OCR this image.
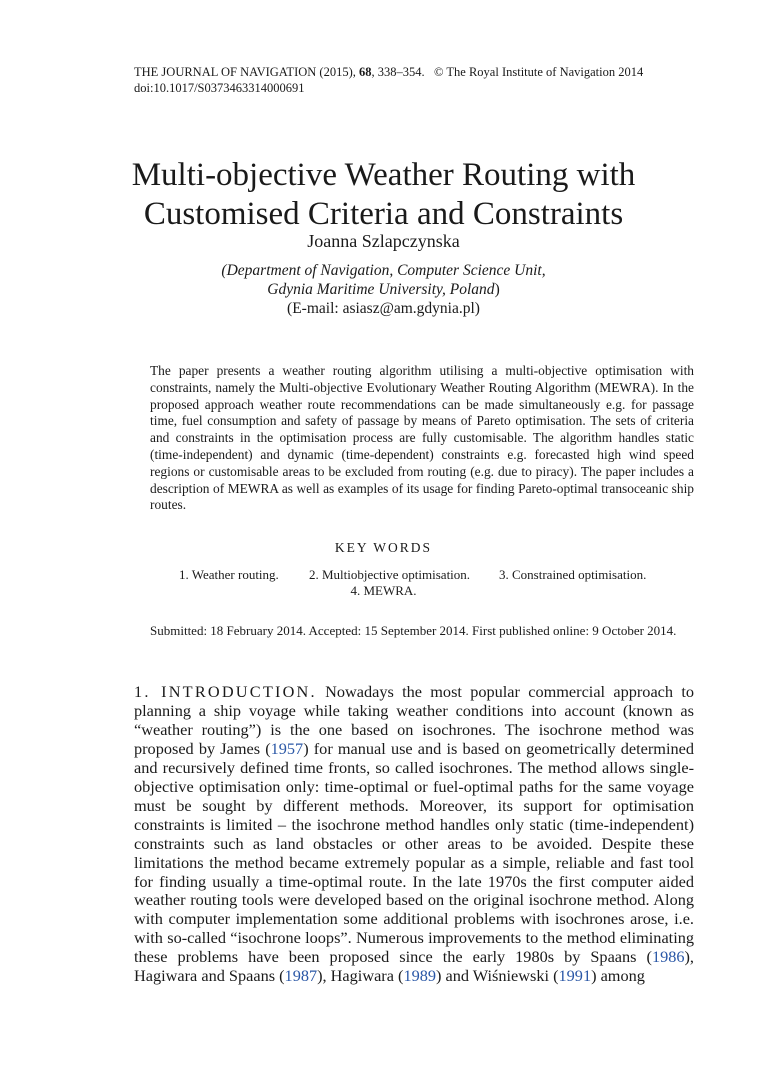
THE JOURNAL OF NAVIGATION (2015), 68, 338–354. © The Royal Institute of Navigation 2014
doi:10.1017/S0373463314000691
Multi-objective Weather Routing with Customised Criteria and Constraints
Joanna Szlapczynska
(Department of Navigation, Computer Science Unit,
Gdynia Maritime University, Poland)
(E-mail: asiasz@am.gdynia.pl)

The paper presents a weather routing algorithm utilising a multi-objective optimisation with constraints, namely the Multi-objective Evolutionary Weather Routing Algorithm (MEWRA). In the proposed approach weather route recommendations can be made simultaneously e.g. for passage time, fuel consumption and safety of passage by means of Pareto optimisation. The sets of criteria and constraints in the optimisation process are fully customisable. The algorithm handles static (time-independent) and dynamic (time-dependent) constraints e.g. forecasted high wind speed regions or customisable areas to be excluded from routing (e.g. due to piracy). The paper includes a description of MEWRA as well as examples of its usage for finding Pareto-optimal transoceanic ship routes.

KEY WORDS
1. Weather routing. 2. Multiobjective optimisation. 3. Constrained optimisation.
4. MEWRA.
Submitted: 18 February 2014. Accepted: 15 September 2014. First published online: 9 October 2014.

1. INTRODUCTION. Nowadays the most popular commercial approach to planning a ship voyage while taking weather conditions into account (known as “weather routing”) is the one based on isochrones. The isochrone method was proposed by James (1957) for manual use and is based on geometrically determined and recursively defined time fronts, so called isochrones. The method allows single-objective optimisation only: time-optimal or fuel-optimal paths for the same voyage must be sought by different methods. Moreover, its support for optimisation constraints is limited – the isochrone method handles only static (time-independent) constraints such as land obstacles or other areas to be avoided. Despite these limitations the method became extremely popular as a simple, reliable and fast tool for finding usually a time-optimal route. In the late 1970s the first computer aided weather routing tools were developed based on the original isochrone method. Along with computer implementation some additional problems with isochrones arose, i.e. with so-called “isochrone loops”. Numerous improvements to the method eliminating these problems have been proposed since the early 1980s by Spaans (1986), Hagiwara and Spaans (1987), Hagiwara (1989) and Wiśniewski (1991) among
